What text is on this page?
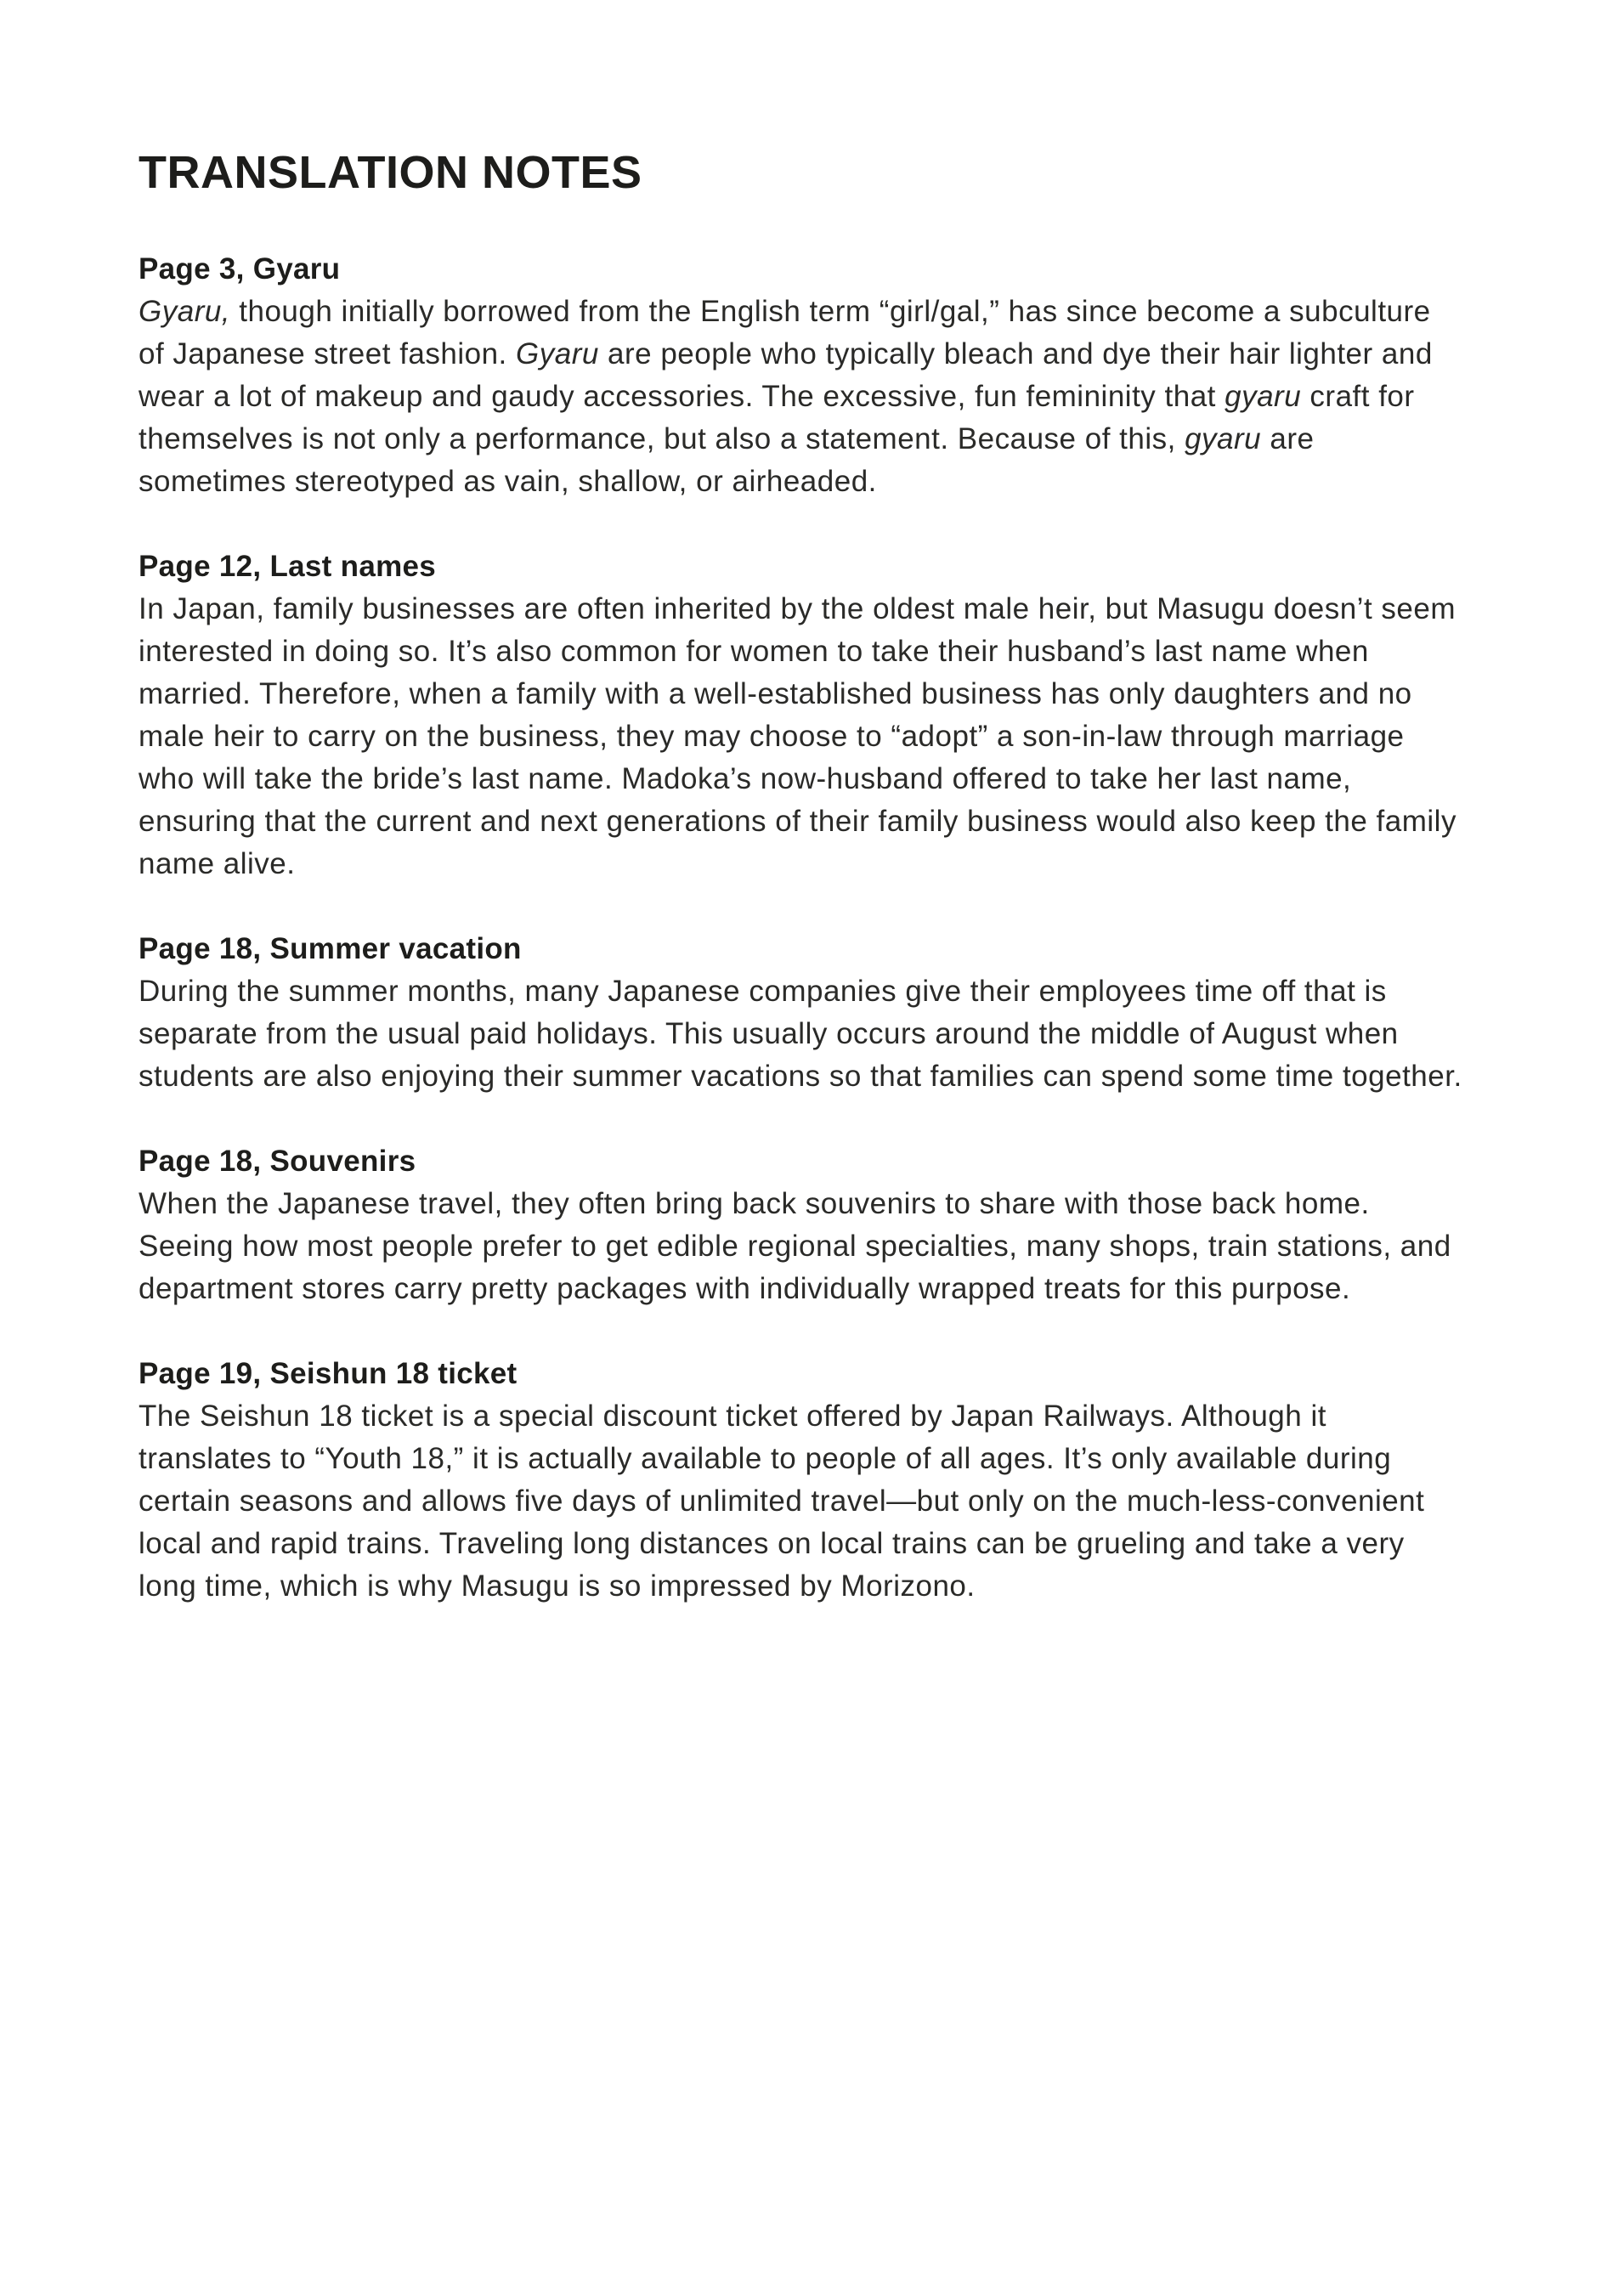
TRANSLATION NOTES
Page 3, Gyaru

Gyaru, though initially borrowed from the English term “girl/gal,” has since become a subculture of Japanese street fashion. Gyaru are people who typically bleach and dye their hair lighter and wear a lot of makeup and gaudy accessories. The excessive, fun femininity that gyaru craft for themselves is not only a performance, but also a statement. Because of this, gyaru are sometimes stereotyped as vain, shallow, or airheaded.

Page 12, Last names

In Japan, family businesses are often inherited by the oldest male heir, but Masugu doesn’t seem interested in doing so. It’s also common for women to take their husband’s last name when married. Therefore, when a family with a well-established business has only daughters and no male heir to carry on the business, they may choose to “adopt” a son-in-law through marriage who will take the bride’s last name. Madoka’s now-husband offered to take her last name, ensuring that the current and next generations of their family business would also keep the family name alive.

Page 18, Summer vacation

During the summer months, many Japanese companies give their employees time off that is separate from the usual paid holidays. This usually occurs around the middle of August when students are also enjoying their summer vacations so that families can spend some time together.

Page 18, Souvenirs

When the Japanese travel, they often bring back souvenirs to share with those back home. Seeing how most people prefer to get edible regional specialties, many shops, train stations, and department stores carry pretty packages with individually wrapped treats for this purpose.

Page 19, Seishun 18 ticket

The Seishun 18 ticket is a special discount ticket offered by Japan Railways. Although it translates to “Youth 18,” it is actually available to people of all ages. It’s only available during certain seasons and allows five days of unlimited travel—but only on the much-less-convenient local and rapid trains. Traveling long distances on local trains can be grueling and take a very long time, which is why Masugu is so impressed by Morizono.
